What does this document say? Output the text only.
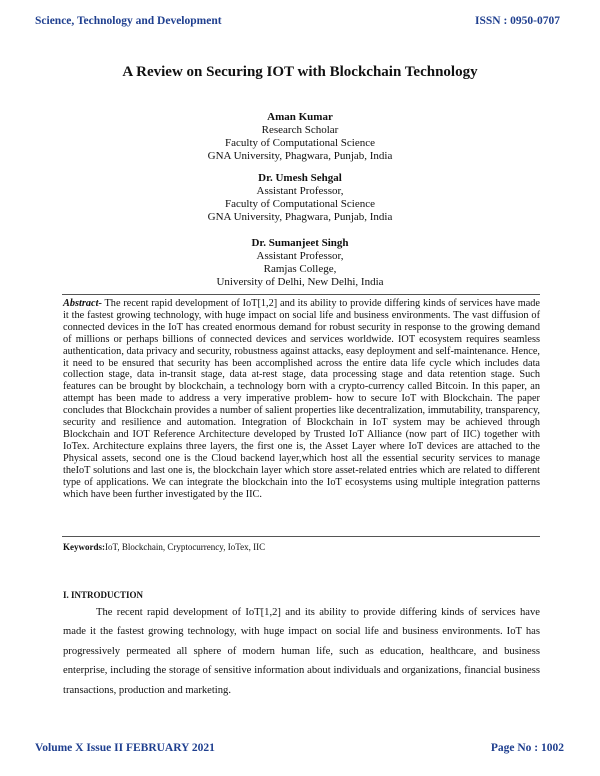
Science, Technology and Development	ISSN : 0950-0707
A Review on Securing IOT with Blockchain Technology
Aman Kumar
Research Scholar
Faculty of Computational Science
GNA University, Phagwara, Punjab, India
Dr. Umesh Sehgal
Assistant Professor,
Faculty of Computational Science
GNA University, Phagwara, Punjab, India
Dr. Sumanjeet Singh
Assistant Professor,
Ramjas College,
University of Delhi, New Delhi, India

Abstract- The recent rapid development of IoT[1,2] and its ability to provide differing kinds of services have made it the fastest growing technology, with huge impact on social life and business environments. The vast diffusion of connected devices in the IoT has created enormous demand for robust security in response to the growing demand of millions or perhaps billions of connected devices and services worldwide. IOT ecosystem requires seamless authentication, data privacy and security, robustness against attacks, easy deployment and self-maintenance. Hence, it need to be ensured that security has been accomplished across the entire data life cycle which includes data collection stage, data in-transit stage, data at-rest stage, data processing stage and data retention stage. Such features can be brought by blockchain, a technology born with a crypto-currency called Bitcoin. In this paper, an attempt has been made to address a very imperative problem- how to secure IoT with Blockchain. The paper concludes that Blockchain provides a number of salient properties like decentralization, immutability, transparency, security and resilience and automation. Integration of Blockchain in IoT system may be achieved through Blockchain and IOT Reference Architecture developed by Trusted IoT Alliance (now part of IIC) together with IoTex. Architecture explains three layers, the first one is, the Asset Layer where IoT devices are attached to the Physical assets, second one is the Cloud backend layer,which host all the essential security services to manage theIoT solutions and last one is, the blockchain layer which store asset-related entries which are related to different type of applications. We can integrate the blockchain into the IoT ecosystems using multiple integration patterns which have been further investigated by the IIC.

Keywords:IoT, Blockchain, Cryptocurrency, IoTex, IIC

I. INTRODUCTION

The recent rapid development of IoT[1,2] and its ability to provide differing kinds of services have made it the fastest growing technology, with huge impact on social life and business environments. IoT has progressively permeated all sphere of modern human life, such as education, healthcare, and business enterprise, including the storage of sensitive information about individuals and organizations, financial business transactions, production and marketing.

Volume X Issue II FEBRUARY 2021	Page No : 1002
